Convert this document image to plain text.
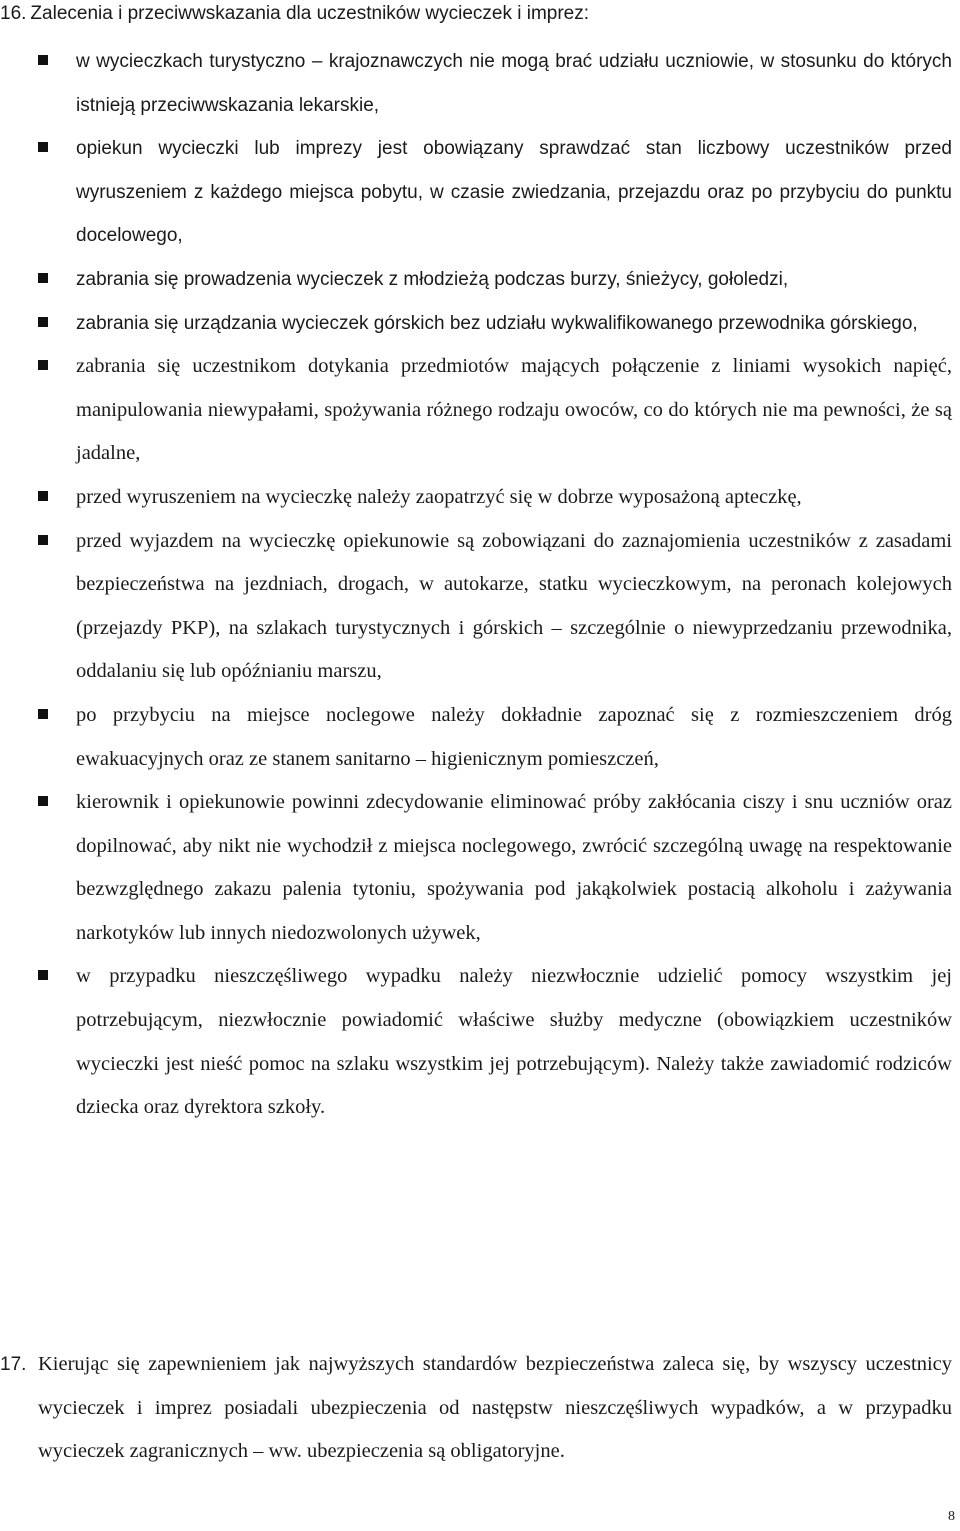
16. Zalecenia i przeciwwskazania dla uczestników wycieczek i imprez:
w wycieczkach turystyczno – krajoznawczych nie mogą brać udziału uczniowie, w stosunku do których istnieją przeciwwskazania lekarskie,
opiekun wycieczki lub imprezy jest obowiązany sprawdzać stan liczbowy uczestników przed wyruszeniem z każdego miejsca pobytu, w czasie zwiedzania, przejazdu oraz po przybyciu do punktu docelowego,
zabrania się prowadzenia wycieczek z młodzieżą podczas burzy, śnieżycy, gołoledzi,
zabrania się urządzania wycieczek górskich bez udziału wykwalifikowanego przewodnika górskiego,
zabrania się uczestnikom dotykania przedmiotów mających połączenie z liniami wysokich napięć, manipulowania niewypałami, spożywania różnego rodzaju owoców, co do których nie ma pewności, że są jadalne,
przed wyruszeniem na wycieczkę należy zaopatrzyć się w dobrze wyposażoną apteczkę,
przed wyjazdem na wycieczkę opiekunowie są zobowiązani do zaznajomienia uczestników z zasadami bezpieczeństwa na jezdniach, drogach, w autokarze, statku wycieczkowym, na peronach kolejowych (przejazdy PKP), na szlakach turystycznych i górskich – szczególnie o niewyprzedzaniu przewodnika, oddalaniu się lub opóźnianiu marszu,
po przybyciu na miejsce noclegowe należy dokładnie zapoznać się z rozmieszczeniem dróg ewakuacyjnych oraz ze stanem sanitarno – higienicznym pomieszczeń,
kierownik i opiekunowie powinni zdecydowanie eliminować próby zakłócania ciszy i snu uczniów oraz dopilnować, aby nikt nie wychodził z miejsca noclegowego, zwrócić szczególną uwagę na respektowanie bezwzględnego zakazu palenia tytoniu, spożywania pod jakąkolwiek postacią alkoholu i zażywania narkotyków lub innych niedozwolonych używek,
w przypadku nieszczęśliwego wypadku należy niezwłocznie udzielić pomocy wszystkim jej potrzebującym, niezwłocznie powiadomić właściwe służby medyczne (obowiązkiem uczestników wycieczki jest nieść pomoc na szlaku wszystkim jej potrzebującym). Należy także zawiadomić rodziców dziecka oraz dyrektora szkoły.
17. Kierując się zapewnieniem jak najwyższych standardów bezpieczeństwa zaleca się, by wszyscy uczestnicy wycieczek i imprez posiadali ubezpieczenia od następstw nieszczęśliwych wypadków, a w przypadku wycieczek zagranicznych – ww. ubezpieczenia są obligatoryjne.
8
